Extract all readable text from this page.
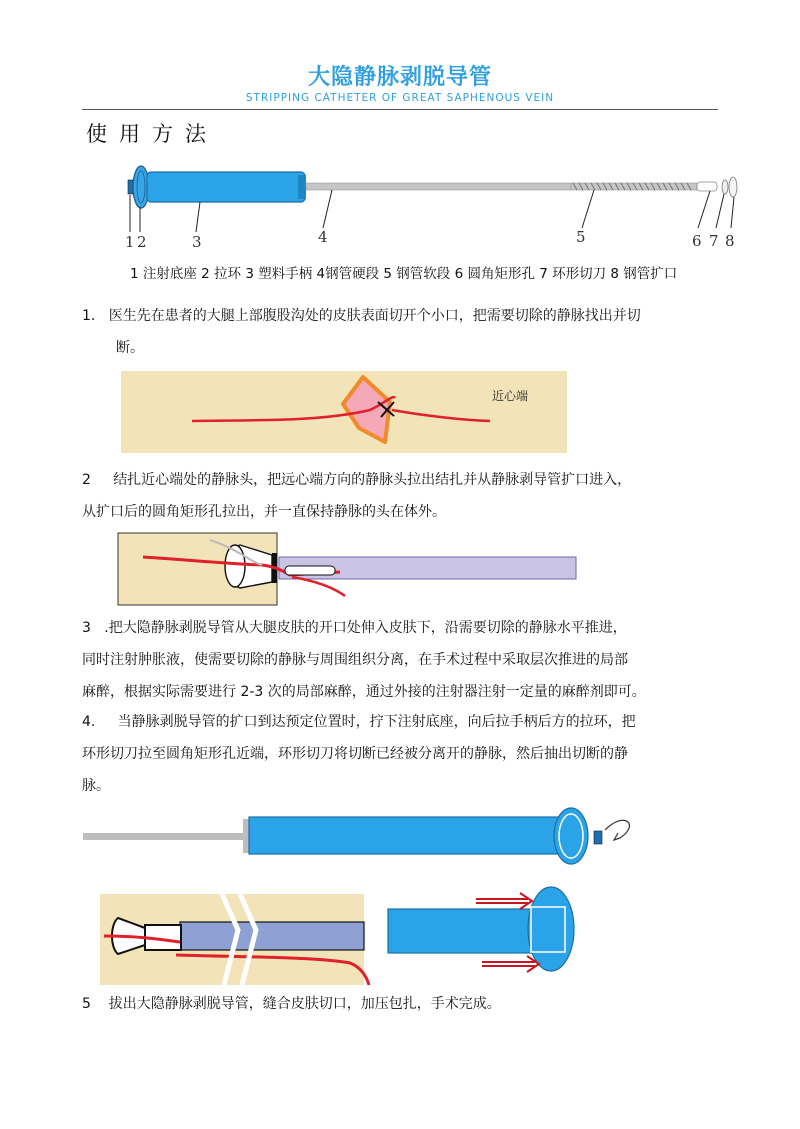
大隐静脉剥脱导管
STRIPPING CATHETER OF GREAT SAPHENOUS VEIN
使用方法
1 2	3	4	5	6 7 8
1 注射底座 2 拉环 3 塑料手柄 4钢管硬段 5 钢管软段 6 圆角矩形孔 7 环形切刀 8 钢管扩口
1. 医生先在患者的大腿上部腹股沟处的皮肤表面切开个小口，把需要切除的静脉找出并切
断。
近心端
2 结扎近心端处的静脉头，把远心端方向的静脉头拉出结扎并从静脉剥导管扩口进入，
从扩口后的圆角矩形孔拉出，并一直保持静脉的头在体外。
3 .把大隐静脉剥脱导管从大腿皮肤的开口处伸入皮肤下，沿需要切除的静脉水平推进，
同时注射肿胀液，使需要切除的静脉与周围组织分离，在手术过程中采取层次推进的局部
麻醉，根据实际需要进行 2-3 次的局部麻醉，通过外接的注射器注射一定量的麻醉剂即可。
4. 当静脉剥脱导管的扩口到达预定位置时，拧下注射底座，向后拉手柄后方的拉环，把
环形切刀拉至圆角矩形孔近端，环形切刀将切断已经被分离开的静脉，然后抽出切断的静
脉。
5 拔出大隐静脉剥脱导管，缝合皮肤切口，加压包扎，手术完成。
